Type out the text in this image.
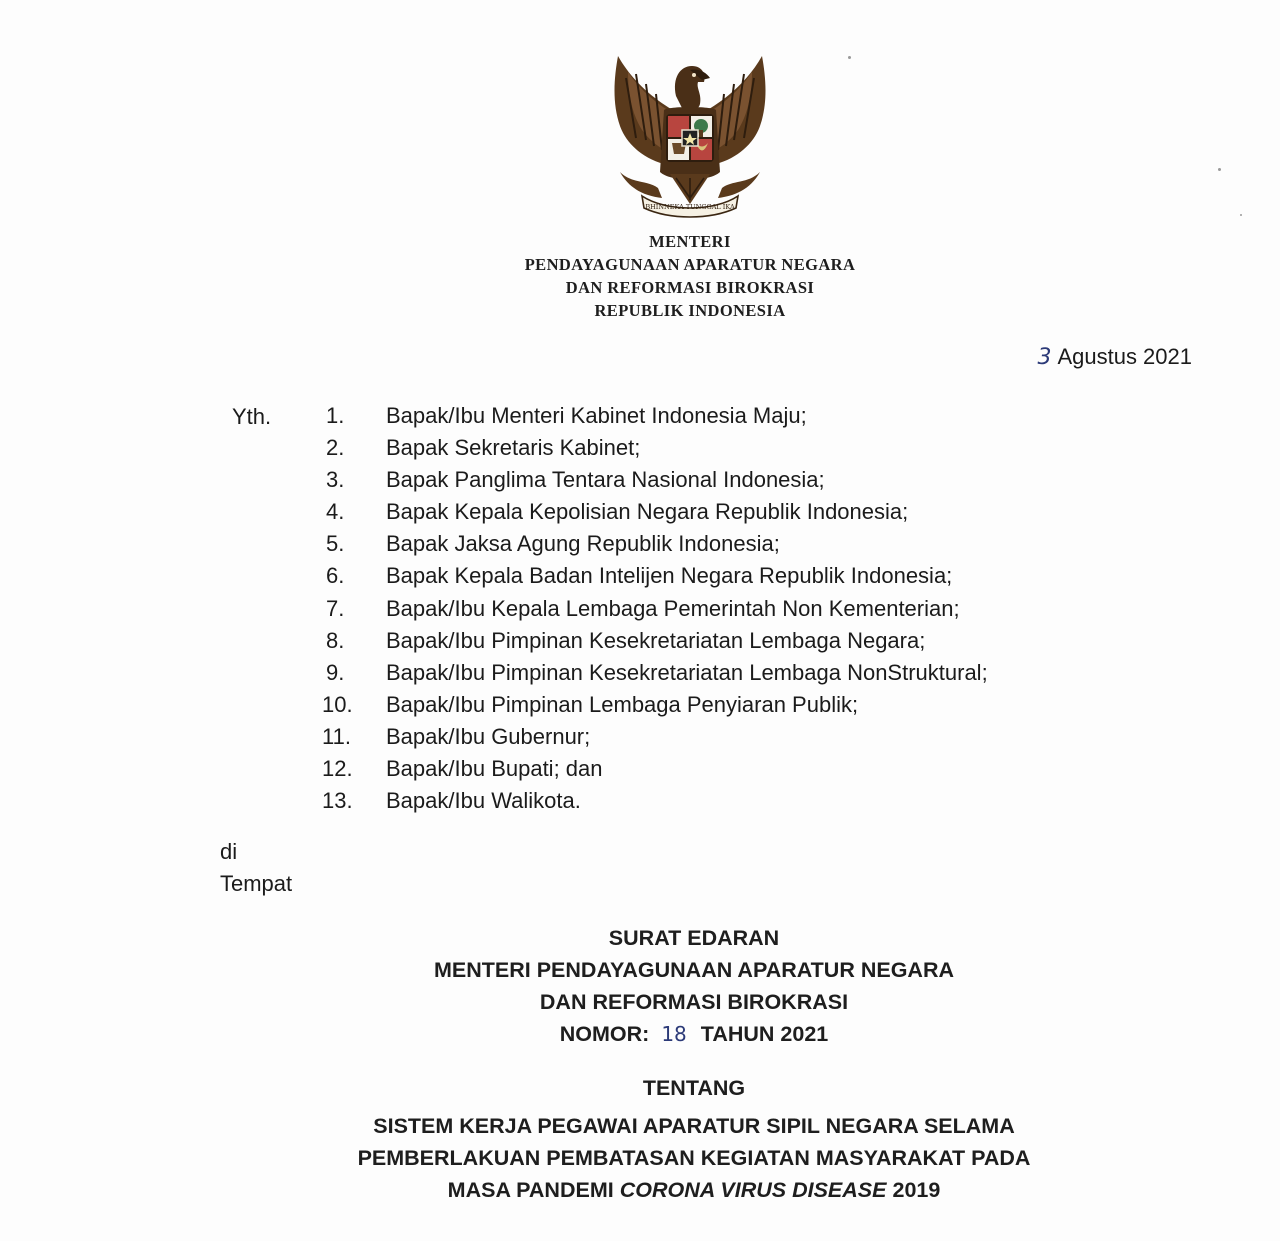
BHINNEKA TUNGGAL IKA
MENTERI
PENDAYAGUNAAN APARATUR NEGARA
DAN REFORMASI BIROKRASI
REPUBLIK INDONESIA
3 Agustus 2021
Yth. 1. Bapak/Ibu Menteri Kabinet Indonesia Maju;
2. Bapak Sekretaris Kabinet;
3. Bapak Panglima Tentara Nasional Indonesia;
4. Bapak Kepala Kepolisian Negara Republik Indonesia;
5. Bapak Jaksa Agung Republik Indonesia;
6. Bapak Kepala Badan Intelijen Negara Republik Indonesia;
7. Bapak/Ibu Kepala Lembaga Pemerintah Non Kementerian;
8. Bapak/Ibu Pimpinan Kesekretariatan Lembaga Negara;
9. Bapak/Ibu Pimpinan Kesekretariatan Lembaga NonStruktural;
10. Bapak/Ibu Pimpinan Lembaga Penyiaran Publik;
11. Bapak/Ibu Gubernur;
12. Bapak/Ibu Bupati; dan
13. Bapak/Ibu Walikota.
di
Tempat
SURAT EDARAN
MENTERI PENDAYAGUNAAN APARATUR NEGARA
DAN REFORMASI BIROKRASI
NOMOR: 18 TAHUN 2021
TENTANG
SISTEM KERJA PEGAWAI APARATUR SIPIL NEGARA SELAMA
PEMBERLAKUAN PEMBATASAN KEGIATAN MASYARAKAT PADA
MASA PANDEMI CORONA VIRUS DISEASE 2019
